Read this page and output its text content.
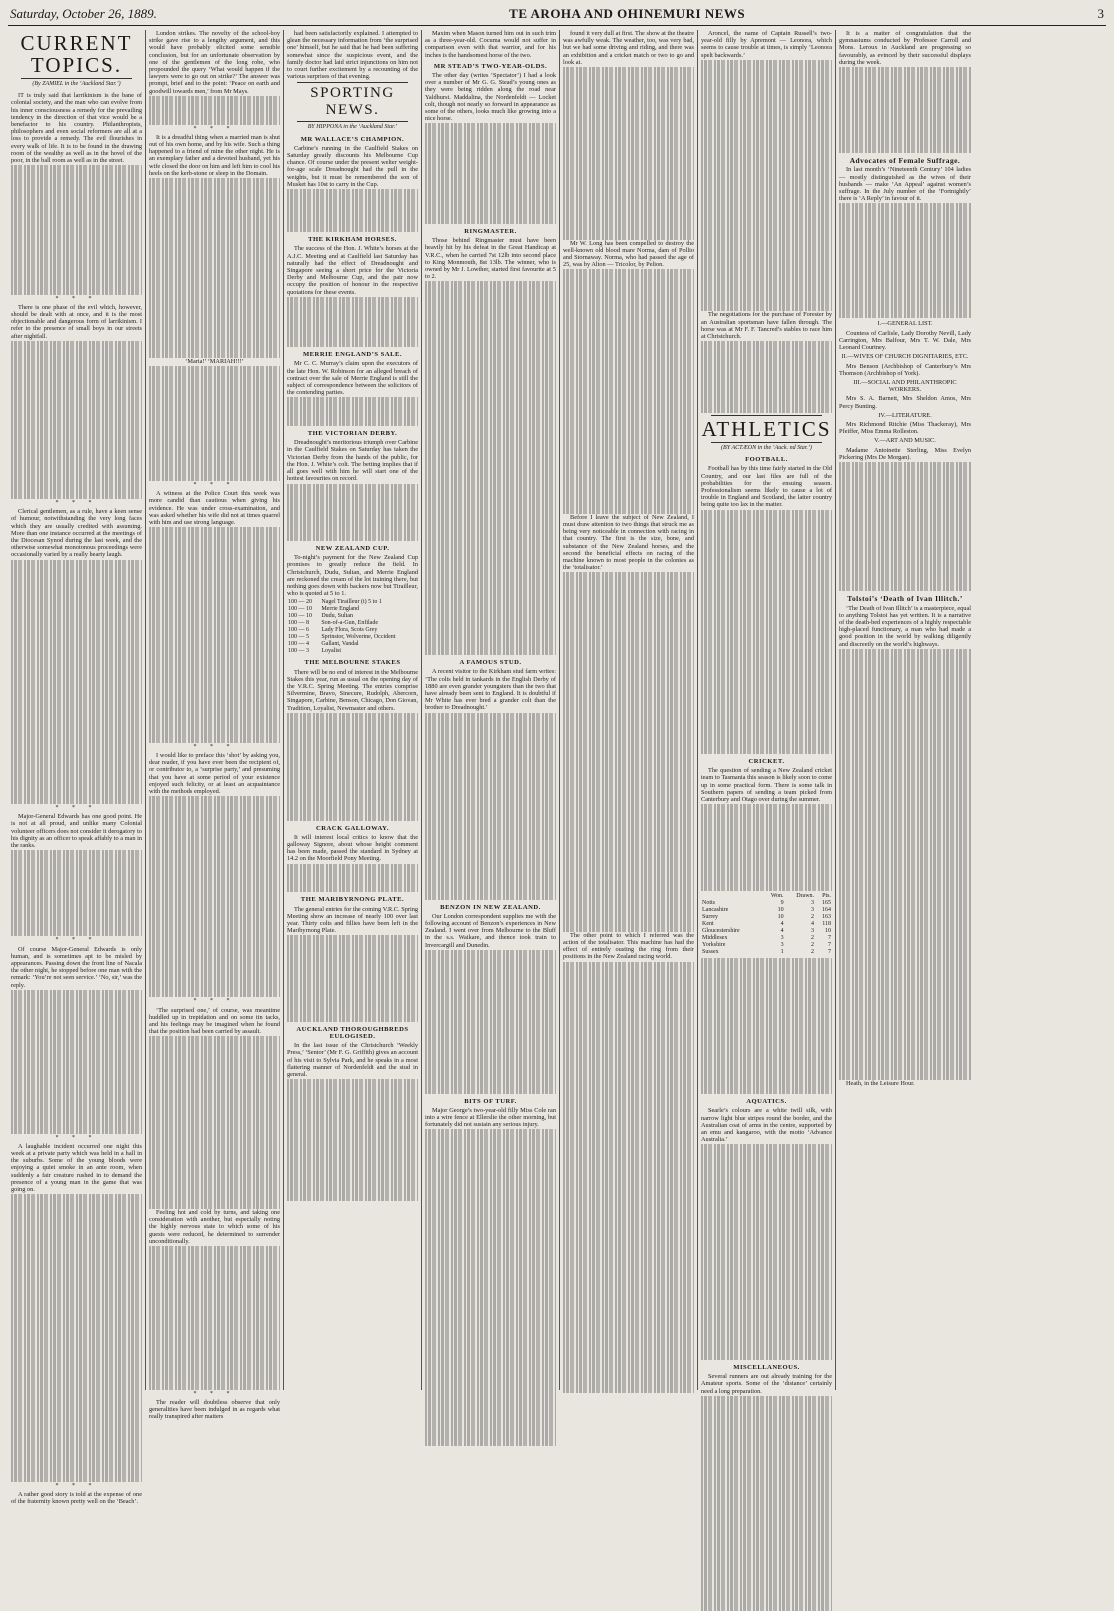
Saturday, October 26, 1889.	TE AROHA AND OHINEMURI NEWS	3
CURRENT TOPICS.
(By ZAMIEL in the ‘Auckland Star.’)

IT is truly said that larrikinism is the bane of colonial society, and the man who can evolve from his inner consciousness a remedy for the prevailing tendency in the direction of that vice would be a benefactor to his country. Philanthropists, philosophers and even social reformers are all at a loss to provide a remedy. The evil flourishes in every walk of life. It is to be found in the drawing room of the wealthy as well as in the hovel of the poor, in the ball room as well as in the street.

* * *

There is one phase of the evil which, however, should be dealt with at once, and it is the most objectionable and dangerous form of larrikinism. I refer to the presence of small boys in our streets after nightfall.

* * *

Clerical gentlemen, as a rule, have a keen sense of humour, notwithstanding the very long faces which they are usually credited with assuming. More than one instance occurred at the meetings of the Diocesan Synod during the last week, and the otherwise somewhat monotonous proceedings were occasionally varied by a really hearty laugh.

* * *

Major-General Edwards has one good point. He is not at all proud, and unlike many Colonial volunteer officers does not consider it derogatory to his dignity as an officer to speak affably to a man in the ranks.

* * *

Of course Major-General Edwards is only human, and is sometimes apt to be misled by appearances. Passing down the front line of Nacala the other night, he stopped before one man with the remark: ‘You’re not seen service.’ ‘No, sir,’ was the reply.

* * *

A laughable incident occurred one night this week at a private party which was held in a hall in the suburbs. Some of the young bloods were enjoying a quiet smoke in an ante room, when suddenly a fair creature rushed in to demand the presence of a young man in the game that was going on.

* * *

A rather good story is told at the expense of one of the fraternity known pretty well on the ‘Beach’.

London strikes. The novelty of the school-boy strike gave rise to a lengthy argument, and this would have probably elicited some sensible conclusion, but for an unfortunate observation by one of the gentlemen of the long robe, who propounded the query ‘What would happen if the lawyers were to go out on strike?’ The answer was prompt, brief and to the point: ‘Peace on earth and goodwill towards men,’ from Mr Mays.

* * *

It is a dreadful thing when a married man is shut out of his own home, and by his wife. Such a thing happened to a friend of mine the other night. He is an exemplary father and a devoted husband, yet his wife closed the door on him and left him to cool his heels on the kerb-stone or sleep in the Domain.

‘Maria!’ ‘MARIAH!!!’

* * *

A witness at the Police Court this week was more candid than cautious when giving his evidence. He was under cross-examination, and was asked whether his wife did not at times quarrel with him and use strong language.

* * *

I would like to preface this ‘shot’ by asking you, dear reader, if you have ever been the recipient of, or contributor to, a ‘surprise party,’ and presuming that you have at some period of your existence enjoyed such felicity, or at least an acquaintance with the methods employed.

* * *

‘The surprised one,’ of course, was meantime huddled up in trepidation and on some tin tacks, and his feelings may be imagined when he found that the position had been carried by assault.

Feeling hot and cold by turns, and taking one consideration with another, but especially noting the highly nervous state to which some of his guests were reduced, he determined to surrender unconditionally.

* * *

The reader will doubtless observe that only generalities have been indulged in as regards what really transpired after matters

had been satisfactorily explained. I attempted to glean the necessary information from ‘the surprised one’ himself, but he said that he had been suffering somewhat since the suspicious event, and the family doctor had laid strict injunctions on him not to court further excitement by a recounting of the various surprises of that evening.

SPORTING NEWS.
BY HIPPONA in the ‘Auckland Star.’
MR WALLACE’S CHAMPION.

Carbine’s running in the Caulfield Stakes on Saturday greatly discounts his Melbourne Cup chance. Of course under the present welter weight-for-age scale Dreadnought had the pull in the weights, but it must be remembered the son of Musket has 10st to carry in the Cup.

THE KIRKHAM HORSES.

The success of the Hon. J. White’s horses at the A.J.C. Meeting and at Caulfield last Saturday has naturally had the effect of Dreadnought and Singapore seeing a short price for the Victoria Derby and Melbourne Cup, and the pair now occupy the position of honour in the respective quotations for these events.

MERRIE ENGLAND’S SALE.

Mr C. C. Murray’s claim upon the executors of the late Hon. W. Robinson for an alleged breach of contract over the sale of Merrie England is still the subject of correspondence between the solicitors of the contending parties.

THE VICTORIAN DERBY.

Dreadnought’s meritorious triumph over Carbine in the Caulfield Stakes on Saturday has taken the Victorian Derby from the hands of the public, for the Hon. J. White’s colt. The betting implies that if all goes well with him he will start one of the hottest favourites on record.

NEW ZEALAND CUP.

To-night’s payment for the New Zealand Cup promises to greatly reduce the field. In Christchurch, Dudu, Sultan, and Merrie England are reckoned the cream of the lot training there, but nothing goes down with backers now but Tirailleur, who is quoted at 5 to 1.

100 — 20	Nagel Tirailleur (t) 5 to 1
100 — 10	Merrie England
100 — 10	Dudu, Sultan
100 — 8	Son-of-a-Gun, Enfilade
100 — 6	Lady Flora, Scots Grey
100 — 5	Sprinstor, Wolverine, Occident
100 — 4	Gallant, Vandal
100 — 3	Loyalist
THE MELBOURNE STAKES

There will be no end of interest in the Melbourne Stakes this year, run as usual on the opening day of the V.R.C. Spring Meeting. The entries comprise Silvermine, Bravo, Sinecure, Rudolph, Abercorn, Singapore, Carbine, Benson, Chicago, Don Giovan, Tradition, Loyalist, Newmaster and others.

CRACK GALLOWAY.

It will interest local critics to know that the galloway Signore, about whose height comment has been made, passed the standard in Sydney at 14.2 on the Moorfield Pony Meeting.

THE MARIBYRNONG PLATE.

The general entries for the coming V.R.C. Spring Meeting show an increase of nearly 100 over last year. Thirty colts and fillies have been left in the Maribyrnong Plate.

AUCKLAND THOROUGHBREDS EULOGISED.

In the last issue of the Christchurch ‘Weekly Press,’ ‘Sentor’ (Mr F. G. Griffith) gives an account of his visit to Sylvia Park, and he speaks in a most flattering manner of Nordenfeldt and the stud in general.

Maxim when Mason turned him out in such trim as a three-year-old. Cocuma would not suffer in comparison even with that warrior, and for his inches is the handsomest horse of the two.

MR STEAD’S TWO-YEAR-OLDS.

The other day (writes ‘Spectator’) I had a look over a number of Mr G. G. Stead’s young ones as they were being ridden along the road near Yaldhurst. Maddalina, the Nordenfeldt — Locket colt, though not nearly so forward in appearance as some of the others, looks much like growing into a nice horse.

RINGMASTER.

Those behind Ringmaster must have been heavily hit by his defeat in the Great Handicap at V.R.C., when he carried 7st 12lb into second place to King Monmouth, 8st 13lb. The winner, who is owned by Mr J. Lowther, started first favourite at 5 to 2.

A FAMOUS STUD.

A recent visitor to the Kirkham stud farm writes: ‘The colts held in tankards in the English Derby of 1880 are even grander youngsters than the two that have already been sent to England. It is doubtful if Mr White has ever bred a grander colt than the brother to Dreadnought.’

BENZON IN NEW ZEALAND.

Our London correspondent supplies me with the following account of Benzon’s experiences in New Zealand. I went over from Melbourne to the Bluff in the s.s. Waikare, and thence took train to Invercargill and Dunedin.

BITS OF TURF.

Major George’s two-year-old filly Miss Cole ran into a wire fence at Ellerslie the other morning, but fortunately did not sustain any serious injury.

found it very dull at first. The show at the theatre was awfully weak. The weather, too, was very bad, but we had some driving and riding, and there was an exhibition and a cricket match or two to go and look at.

Mr W. Long has been compelled to destroy the well-known old blood mare Norma, dam of Pollio and Stornaway. Norma, who had passed the age of 25, was by Alton — Tricolor, by Pelion.

Before I leave the subject of New Zealand, I must draw attention to two things that struck me as being very noticeable in connection with racing in that country. The first is the size, bone, and substance of the New Zealand horses, and the second the beneficial effects on racing of the machine known to most people in the colonies as the ‘totalisator.’

The other point to which I referred was the action of the totalisator. This machine has had the effect of entirely ousting the ring from their positions in the New Zealand racing world.

Aroncel, the name of Captain Russell’s two-year-old filly by Apremont — Leonora, which seems to cause trouble at times, is simply ‘Leonora spelt backwards.’

The negotiations for the purchase of Forester by an Australian sportsman have fallen through. The horse was at Mr F. F. Tancred’s stables to race him at Christchurch.

ATHLETICS
(BY ACTÆON in the ‘Auck. nd Star.’)
FOOTBALL.

Football has by this time fairly started in the Old Country, and our last files are full of the probabilities for the ensuing season. Professionalism seems likely to cause a lot of trouble in England and Scotland, the latter country being quite too lax in the matter.

CRICKET.

The question of sending a New Zealand cricket team to Tasmania this season is likely soon to come up in some practical form. There is some talk in Southern papers of sending a team picked from Canterbury and Otago over during the summer.

	Won.	Drawn.	Pts.
Notts	9	3	165
Lancashire	10	3	164
Surrey	10	2	163
Kent	4	4	118
Gloucestershire	4	3	10
Middlesex	3	2	7
Yorkshire	3	2	7
Sussex	1	2	7
AQUATICS.

Searle’s colours are a white twill silk, with narrow light blue stripes round the border, and the Australian coat of arms in the centre, supported by an emu and kangaroo, with the motto ‘Advance Australia.’

MISCELLANEOUS.

Several runners are out already training for the Amateur sports. Some of the ‘distance’ certainly need a long preparation.

It is a matter of congratulation that the gymnasiums conducted by Professor Carroll and Mons. Leroux in Auckland are progressing so favourably, as evinced by their successful displays during the week.

Advocates of Female Suffrage.

In last month’s ‘Nineteenth Century’ 104 ladies — mostly distinguished as the wives of their husbands — make ‘An Appeal’ against women’s suffrage. In the July number of the ‘Fortnightly’ there is ‘A Reply’ in favour of it.

I.—GENERAL LIST.

Countess of Carlisle, Lady Dorothy Nevill, Lady Carrington, Mrs Balfour, Mrs T. W. Dale, Mrs Leonard Courtney.

II.—WIVES OF CHURCH DIGNITARIES, ETC.

Mrs Benson (Archbishop of Canterbury’s Mrs Thomson (Archbishop of York).

III.—SOCIAL AND PHILANTHROPIC WORKERS.

Mrs S. A. Barnett, Mrs Sheldon Amos, Mrs Percy Bunting.

IV.—LITERATURE.

Mrs Richmond Ritchie (Miss Thackeray), Mrs Pfeiffer, Miss Emma Rolleston.

V.—ART AND MUSIC.

Madame Antoinette Sterling, Miss Evelyn Pickering (Mrs De Morgan).

Tolstoi’s ‘Death of Ivan Illitch.’

‘The Death of Ivan Illitch’ is a masterpiece, equal to anything Tolstoi has yet written. It is a narrative of the death-bed experiences of a highly respectable high-placed functionary, a man who had made a good position in the world by walking diligently and discreetly on the world’s highways.

Heath, in the Leisure Hour.
